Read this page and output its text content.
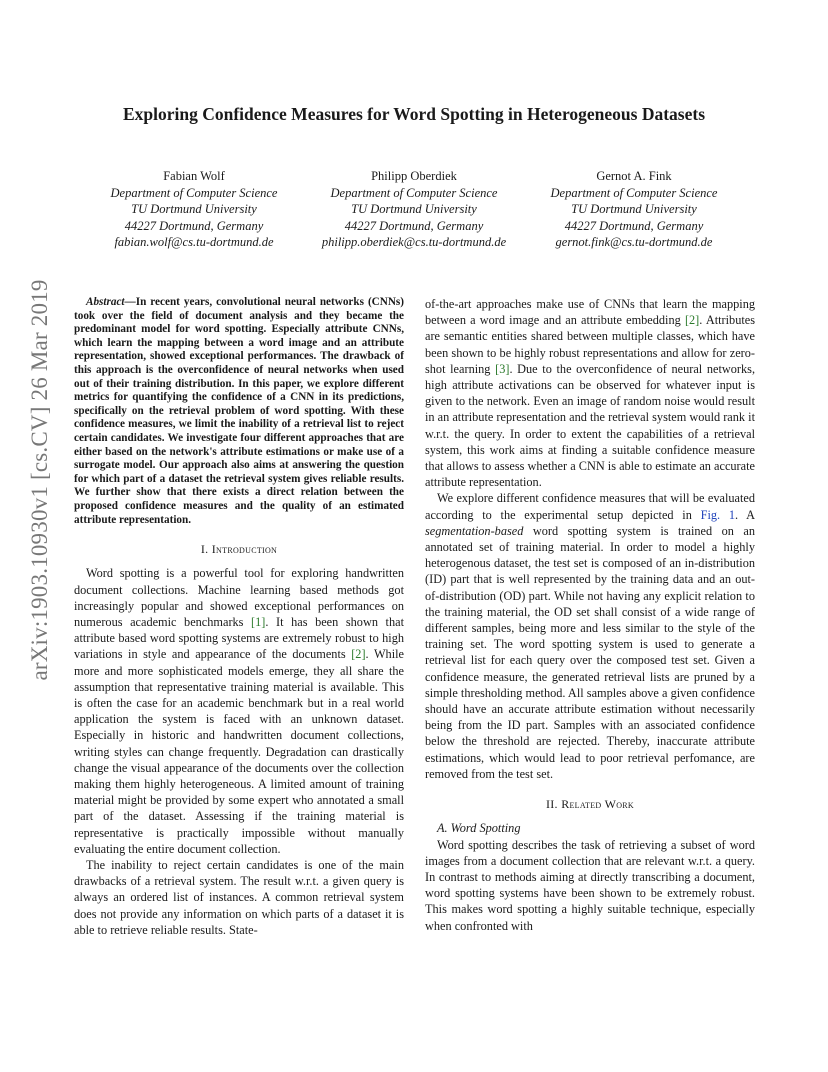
arXiv:1903.10930v1 [cs.CV] 26 Mar 2019
Exploring Confidence Measures for Word Spotting in Heterogeneous Datasets
Fabian Wolf
Department of Computer Science
TU Dortmund University
44227 Dortmund, Germany
fabian.wolf@cs.tu-dortmund.de
Philipp Oberdiek
Department of Computer Science
TU Dortmund University
44227 Dortmund, Germany
philipp.oberdiek@cs.tu-dortmund.de
Gernot A. Fink
Department of Computer Science
TU Dortmund University
44227 Dortmund, Germany
gernot.fink@cs.tu-dortmund.de

Abstract—In recent years, convolutional neural networks (CNNs) took over the field of document analysis and they became the predominant model for word spotting. Especially attribute CNNs, which learn the mapping between a word image and an attribute representation, showed exceptional performances. The drawback of this approach is the overconfidence of neural networks when used out of their training distribution. In this paper, we explore different metrics for quantifying the confidence of a CNN in its predictions, specifically on the retrieval problem of word spotting. With these confidence measures, we limit the inability of a retrieval list to reject certain candidates. We investigate four different approaches that are either based on the network's attribute estimations or make use of a surrogate model. Our approach also aims at answering the question for which part of a dataset the retrieval system gives reliable results. We further show that there exists a direct relation between the proposed confidence measures and the quality of an estimated attribute representation.

I. Introduction

Word spotting is a powerful tool for exploring handwritten document collections. Machine learning based methods got increasingly popular and showed exceptional performances on numerous academic benchmarks [1]. It has been shown that attribute based word spotting systems are extremely robust to high variations in style and appearance of the documents [2]. While more and more sophisticated models emerge, they all share the assumption that representative training material is available. This is often the case for an academic benchmark but in a real world application the system is faced with an unknown dataset. Especially in historic and handwritten document collections, writing styles can change frequently. Degradation can drastically change the visual appearance of the documents over the collection making them highly heterogeneous. A limited amount of training material might be provided by some expert who annotated a small part of the dataset. Assessing if the training material is representative is practically impossible without manually evaluating the entire document collection.

The inability to reject certain candidates is one of the main drawbacks of a retrieval system. The result w.r.t. a given query is always an ordered list of instances. A common retrieval system does not provide any information on which parts of a dataset it is able to retrieve reliable results. State-

of-the-art approaches make use of CNNs that learn the mapping between a word image and an attribute embedding [2]. Attributes are semantic entities shared between multiple classes, which have been shown to be highly robust representations and allow for zero-shot learning [3]. Due to the overconfidence of neural networks, high attribute activations can be observed for whatever input is given to the network. Even an image of random noise would result in an attribute representation and the retrieval system would rank it w.r.t. the query. In order to extent the capabilities of a retrieval system, this work aims at finding a suitable confidence measure that allows to assess whether a CNN is able to estimate an accurate attribute representation.

We explore different confidence measures that will be evaluated according to the experimental setup depicted in Fig. 1. A segmentation-based word spotting system is trained on an annotated set of training material. In order to model a highly heterogenous dataset, the test set is composed of an in-distribution (ID) part that is well represented by the training data and an out-of-distribution (OD) part. While not having any explicit relation to the training material, the OD set shall consist of a wide range of different samples, being more and less similar to the style of the training set. The word spotting system is used to generate a retrieval list for each query over the composed test set. Given a confidence measure, the generated retrieval lists are pruned by a simple thresholding method. All samples above a given confidence should have an accurate attribute estimation without necessarily being from the ID part. Samples with an associated confidence below the threshold are rejected. Thereby, inaccurate attribute estimations, which would lead to poor retrieval perfomance, are removed from the test set.

II. Related Work

A. Word Spotting

Word spotting describes the task of retrieving a subset of word images from a document collection that are relevant w.r.t. a query. In contrast to methods aiming at directly transcribing a document, word spotting systems have been shown to be extremely robust. This makes word spotting a highly suitable technique, especially when confronted with
